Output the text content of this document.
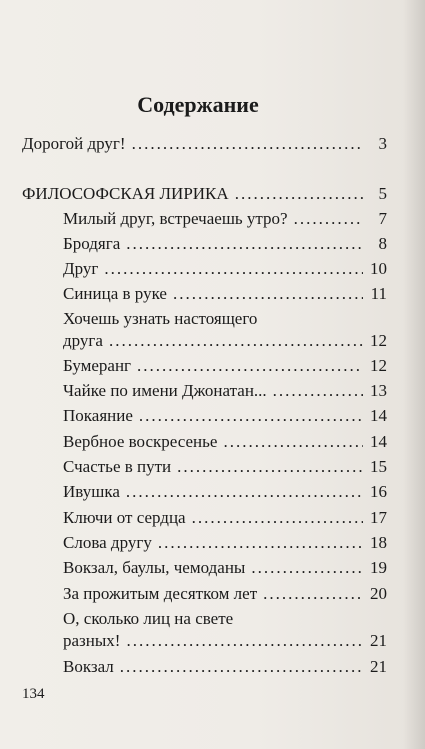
Содержание
Дорогой друг! .....	3
ФИЛОСОФСКАЯ ЛИРИКА .....	5
Милый друг, встречаешь утро? .....	7
Бродяга .....	8
Друг .....	10
Синица в руке .....	11
Хочешь узнать настоящего
друга .....	12
Бумеранг .....	12
Чайке по имени Джонатан... .....	13
Покаяние .....	14
Вербное воскресенье .....	14
Счастье в пути .....	15
Ивушка .....	16
Ключи от сердца .....	17
Слова другу .....	18
Вокзал, баулы, чемоданы .....	19
За прожитым десятком лет .....	20
О, сколько лиц на свете
разных! .....	21
Вокзал .....	21
134
